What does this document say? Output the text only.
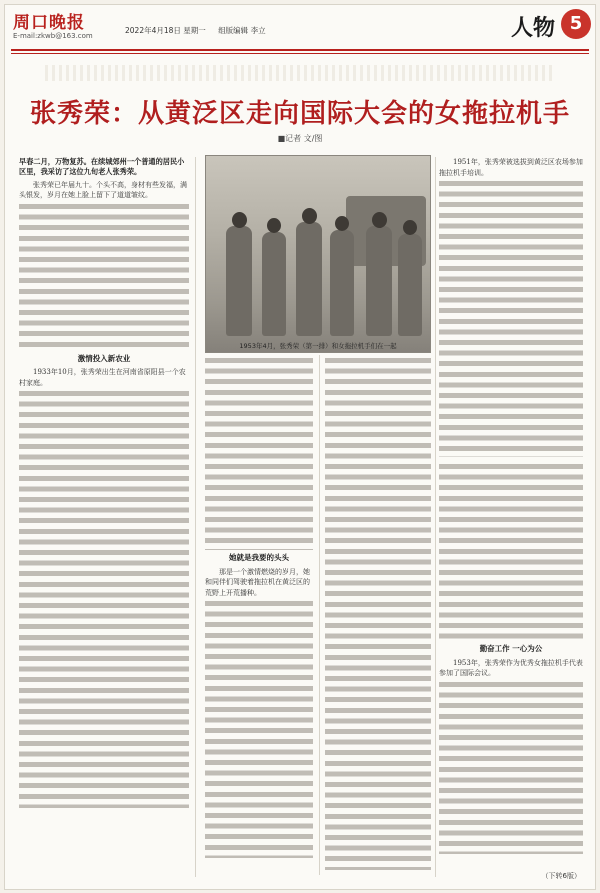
周口晚报
E-mail:zkwb@163.com
2022年4月18日 星期一 组版编辑 李立	人物 5
张秀荣：从黄泛区走向国际大会的女拖拉机手
■记者 文/图

早春二月，万物复苏。在续城郊州一个普通的居民小区里，我采访了这位九旬老人张秀荣。

张秀荣已年届九十。个头不高，身材有些发福，满头银发，岁月在她上脸上留下了道道皱纹。

激情投入新农业

1933年10月，张秀荣出生在河南省原阳县一个农村家庭。

1953年4月，张秀荣（第一排）和女拖拉机手们在一起

1951年，张秀荣被选拔到黄泛区农场参加拖拉机手培训。

她就是我要的头头

那是一个激情燃烧的岁月，她和同伴们驾驶着拖拉机在黄泛区的荒野上开荒播种。

勤奋工作 一心为公

1953年，张秀荣作为优秀女拖拉机手代表参加了国际会议。

（下转6版）
